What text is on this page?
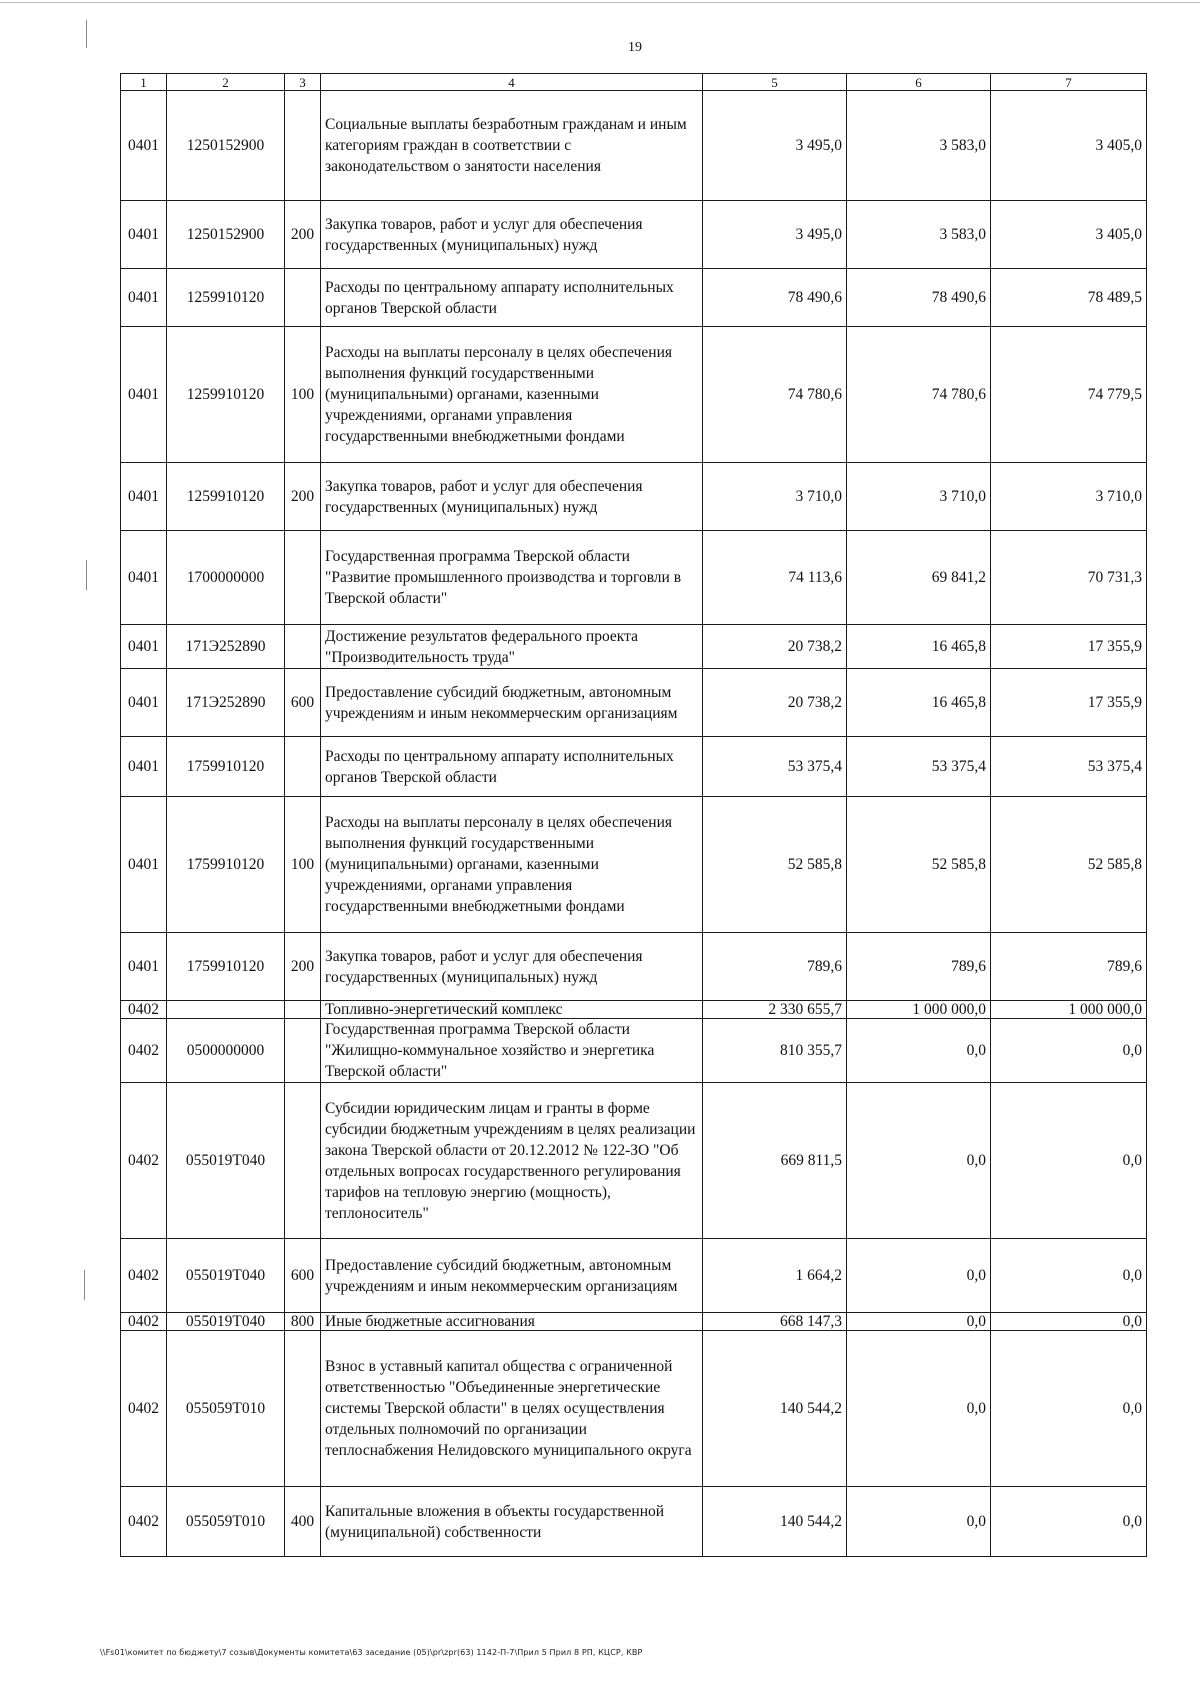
19
1	2	3	4	5	6	7
0401	1250152900		Социальные выплаты безработным гражданам и иным категориям граждан в соответствии с законодательством о занятости населения	3 495,0	3 583,0	3 405,0
0401	1250152900	200	Закупка товаров, работ и услуг для обеспечения государственных (муниципальных) нужд	3 495,0	3 583,0	3 405,0
0401	1259910120		Расходы по центральному аппарату исполнительных органов Тверской области	78 490,6	78 490,6	78 489,5
0401	1259910120	100	Расходы на выплаты персоналу в целях обеспечения выполнения функций государственными (муниципальными) органами, казенными учреждениями, органами управления государственными внебюджетными фондами	74 780,6	74 780,6	74 779,5
0401	1259910120	200	Закупка товаров, работ и услуг для обеспечения государственных (муниципальных) нужд	3 710,0	3 710,0	3 710,0
0401	1700000000		Государственная программа Тверской области "Развитие промышленного производства и торговли в Тверской области"	74 113,6	69 841,2	70 731,3
0401	171Э252890		Достижение результатов федерального проекта "Производительность труда"	20 738,2	16 465,8	17 355,9
0401	171Э252890	600	Предоставление субсидий бюджетным, автономным учреждениям и иным некоммерческим организациям	20 738,2	16 465,8	17 355,9
0401	1759910120		Расходы по центральному аппарату исполнительных органов Тверской области	53 375,4	53 375,4	53 375,4
0401	1759910120	100	Расходы на выплаты персоналу в целях обеспечения выполнения функций государственными (муниципальными) органами, казенными учреждениями, органами управления государственными внебюджетными фондами	52 585,8	52 585,8	52 585,8
0401	1759910120	200	Закупка товаров, работ и услуг для обеспечения государственных (муниципальных) нужд	789,6	789,6	789,6
0402			Топливно-энергетический комплекс	2 330 655,7	1 000 000,0	1 000 000,0
0402	0500000000		Государственная программа Тверской области "Жилищно-коммунальное хозяйство и энергетика Тверской области"	810 355,7	0,0	0,0
0402	055019Т040		Субсидии юридическим лицам и гранты в форме субсидии бюджетным учреждениям в целях реализации закона Тверской области от 20.12.2012 № 122-ЗО "Об отдельных вопросах государственного регулирования тарифов на тепловую энергию (мощность), теплоноситель"	669 811,5	0,0	0,0
0402	055019Т040	600	Предоставление субсидий бюджетным, автономным учреждениям и иным некоммерческим организациям	1 664,2	0,0	0,0
0402	055019Т040	800	Иные бюджетные ассигнования	668 147,3	0,0	0,0
0402	055059Т010		Взнос в уставный капитал общества с ограниченной ответственностью "Объединенные энергетические системы Тверской области" в целях осуществления отдельных полномочий по организации теплоснабжения Нелидовского муниципального округа	140 544,2	0,0	0,0
0402	055059Т010	400	Капитальные вложения в объекты государственной (муниципальной) собственности	140 544,2	0,0	0,0
\\Fs01\комитет по бюджету\7 созыв\Документы комитета\63 заседание (05)\pr\zpr(63) 1142-П-7\Прил 5 Прил 8 РП, КЦСР, КВР
